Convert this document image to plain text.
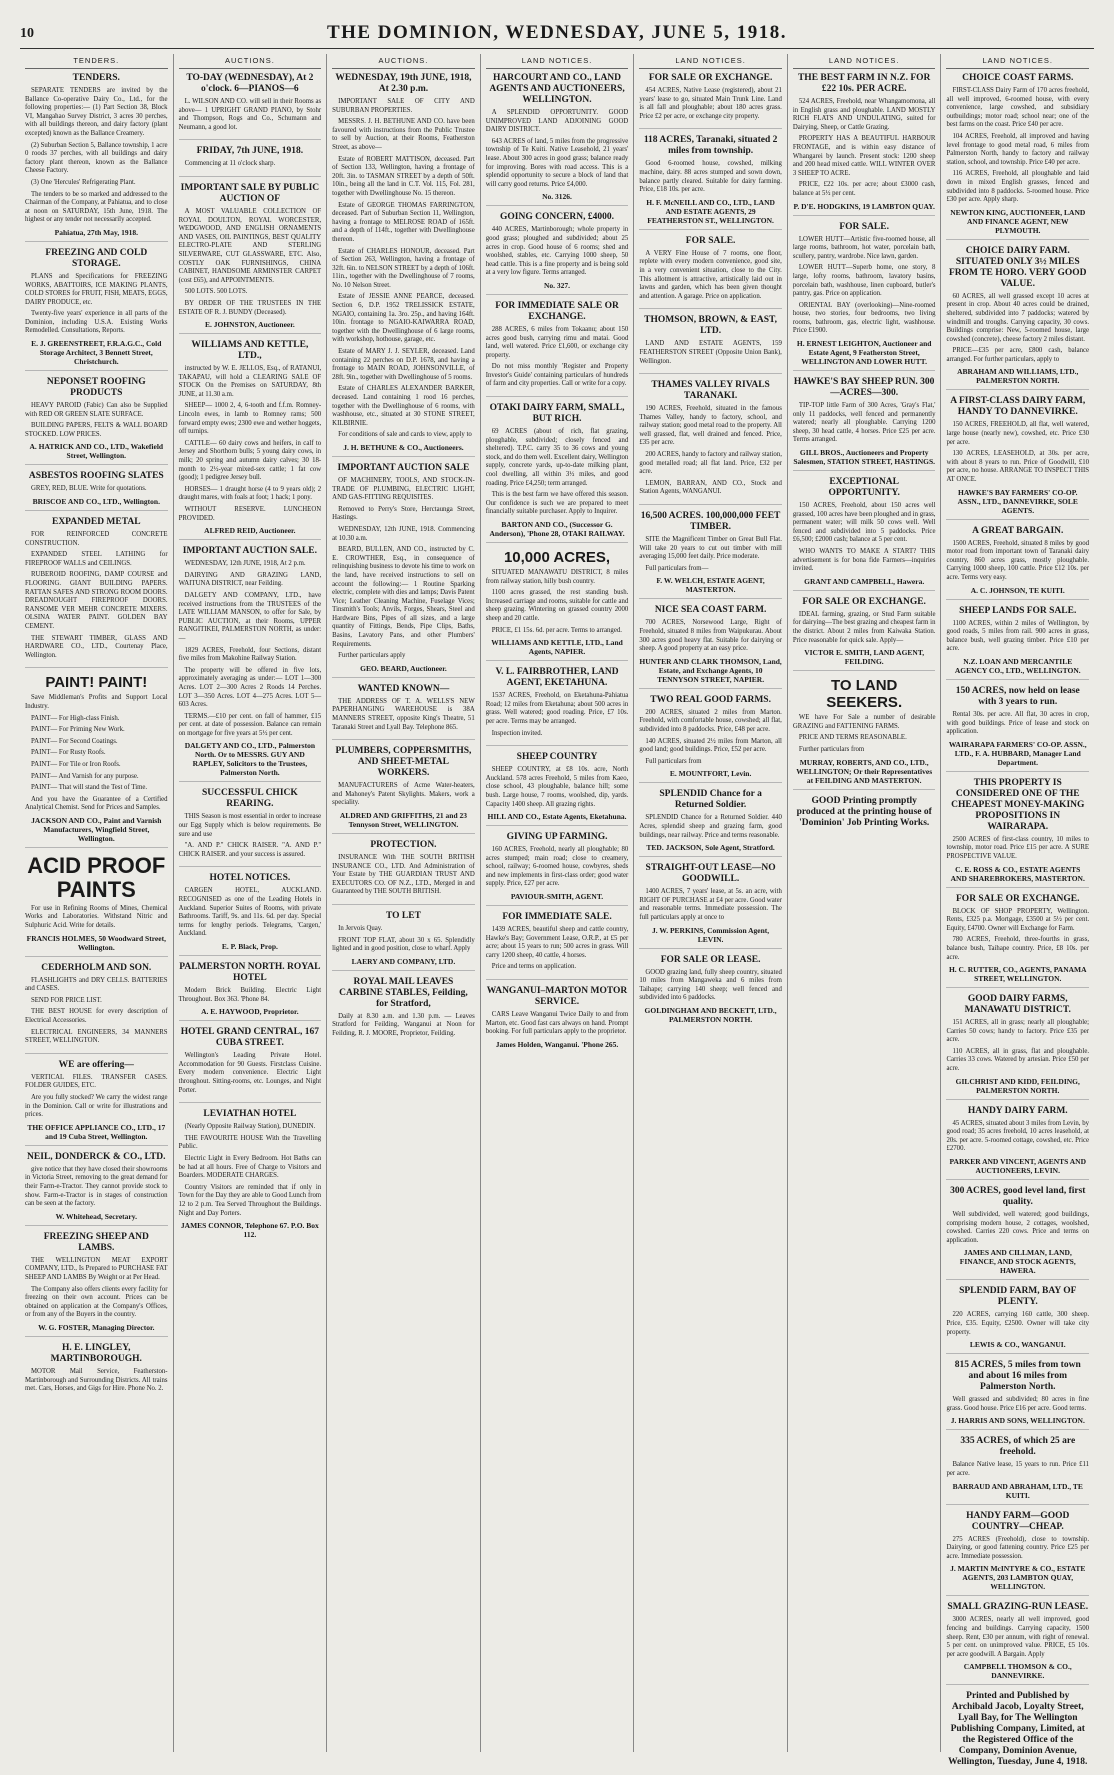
10	THE DOMINION, WEDNESDAY, JUNE 5, 1918.
TENDERS.
TENDERS.

SEPARATE TENDERS are invited by the Ballance Co-operative Dairy Co., Ltd., for the following properties:— (1) Part Section 38, Block VI, Mangahao Survey District, 3 acres 30 perches, with all buildings thereon, and dairy factory (plant excepted) known as the Ballance Creamery.

(2) Suburban Section 5, Ballance township, 1 acre 0 roods 37 perches, with all buildings and dairy factory plant thereon, known as the Ballance Cheese Factory.

(3) One 'Hercules' Refrigerating Plant.

The tenders to be so marked and addressed to the Chairman of the Company, at Pahiatua, and to close at noon on SATURDAY, 15th June, 1918. The highest or any tender not necessarily accepted.

Pahiatua, 27th May, 1918.
FREEZING AND COLD STORAGE.

PLANS and Specifications for FREEZING WORKS, ABATTOIRS, ICE MAKING PLANTS, COLD STORES for FRUIT, FISH, MEATS, EGGS, DAIRY PRODUCE, etc.

Twenty-five years' experience in all parts of the Dominion, including U.S.A. Existing Works Remodelled. Consultations, Reports.

E. J. GREENSTREET, F.R.A.G.C., Cold Storage Architect, 3 Bennett Street, Christchurch.
NEPONSET ROOFING PRODUCTS

HEAVY PAROID (Fabic) Can also be Supplied with RED OR GREEN SLATE SURFACE.

BUILDING PAPERS, FELTS & WALL BOARD STOCKED. LOW PRICES.

A. HATRICK AND CO., LTD., Wakefield Street, Wellington.
ASBESTOS ROOFING SLATES

GREY, RED, BLUE. Write for quotations.

BRISCOE AND CO., LTD., Wellington.
EXPANDED METAL

FOR REINFORCED CONCRETE CONSTRUCTION.

EXPANDED STEEL LATHING for FIREPROOF WALLS and CEILINGS.

RUBEROID ROOFING, DAMP COURSE and FLOORING. GIANT BUILDING PAPERS. RATTAN SAFES AND STRONG ROOM DOORS. DREADNOUGHT FIREPROOF DOORS. RANSOME VER MEHR CONCRETE MIXERS. OLSINA WATER PAINT. GOLDEN BAY CEMENT.

THE STEWART TIMBER, GLASS AND HARDWARE CO., LTD., Courtenay Place, Wellington.

PAINT! PAINT!

Save Middleman's Profits and Support Local Industry.

PAINT— For High-class Finish.

PAINT— For Priming New Work.

PAINT— For Second Coatings.

PAINT— For Rusty Roofs.

PAINT— For Tile or Iron Roofs.

PAINT— And Varnish for any purpose.

PAINT— That will stand the Test of Time.

And you have the Guarantee of a Certified Analytical Chemist. Send for Prices and Samples.

JACKSON AND CO., Paint and Varnish Manufacturers, Wingfield Street, Wellington.
ACID PROOF PAINTS

For use in Refining Rooms of Mines, Chemical Works and Laboratories. Withstand Nitric and Sulphuric Acid. Write for details.

FRANCIS HOLMES, 50 Woodward Street, Wellington.
CEDERHOLM AND SON.

FLASHLIGHTS and DRY CELLS. BATTERIES and CASES.

SEND FOR PRICE LIST.

THE BEST HOUSE for every description of Electrical Accessories.

ELECTRICAL ENGINEERS, 34 MANNERS STREET, WELLINGTON.

WE are offering—

VERTICAL FILES. TRANSFER CASES. FOLDER GUIDES, ETC.

Are you fully stocked? We carry the widest range in the Dominion. Call or write for illustrations and prices.

THE OFFICE APPLIANCE CO., LTD., 17 and 19 Cuba Street, Wellington.
NEIL, DONDERCK & CO., LTD.

give notice that they have closed their showrooms in Victoria Street, removing to the great demand for their Farm-e-Tractor. They cannot provide stock to show. Farm-e-Tractor is in stages of construction can be seen at the factory.

W. Whitehead, Secretary.
FREEZING SHEEP AND LAMBS.

THE WELLINGTON MEAT EXPORT COMPANY, LTD., Is Prepared to PURCHASE FAT SHEEP AND LAMBS By Weight or at Per Head.

The Company also offers clients every facility for freezing on their own account. Prices can be obtained on application at the Company's Offices, or from any of the Buyers in the country.

W. G. FOSTER, Managing Director.
H. E. LINGLEY, MARTINBOROUGH.

MOTOR Mail Service, Featherston-Martinborough and Surrounding Districts. All trains met. Cars, Horses, and Gigs for Hire. Phone No. 2.

AUCTIONS.
TO-DAY (WEDNESDAY), At 2 o'clock. 6—PIANOS—6

L. WILSON AND CO. will sell in their Rooms as above— 1 UPRIGHT GRAND PIANO, by Stohr and Thompson, Rogs and Co., Schumann and Neumann, a good lot.

FRIDAY, 7th JUNE, 1918.

Commencing at 11 o'clock sharp.

IMPORTANT SALE BY PUBLIC AUCTION OF

A MOST VALUABLE COLLECTION OF ROYAL DOULTON, ROYAL WORCESTER, WEDGWOOD, AND ENGLISH ORNAMENTS AND VASES, OIL PAINTINGS, BEST QUALITY ELECTRO-PLATE AND STERLING SILVERWARE, CUT GLASSWARE, ETC. Also, COSTLY OAK FURNISHINGS, CHINA CABINET, HANDSOME ARMINSTER CARPET (cost £65), and APPOINTMENTS.

500 LOTS. 500 LOTS.

BY ORDER OF THE TRUSTEES IN THE ESTATE OF R. J. BUNDY (Deceased).

E. JOHNSTON, Auctioneer.
WILLIAMS AND KETTLE, LTD.,

instructed by W. E. JELLOS, Esq., of RATANUI, TAKAPAU, will hold a CLEARING SALE OF STOCK On the Premises on SATURDAY, 8th JUNE, at 11.30 a.m.

SHEEP— 1000 2, 4, 6-tooth and f.f.m. Romney-Lincoln ewes, in lamb to Romney rams; 500 forward empty ewes; 2300 ewe and wether hoggets, off turnips.

CATTLE— 60 dairy cows and heifers, in calf to Jersey and Shorthorn bulls; 5 young dairy cows, in milk; 20 spring and autumn dairy calves; 30 18-month to 2½-year mixed-sex cattle; 1 fat cow (good); 1 pedigree Jersey bull.

HORSES— 1 draught horse (4 to 9 years old); 2 draught mares, with foals at foot; 1 hack; 1 pony.

WITHOUT RESERVE. LUNCHEON PROVIDED.

ALFRED REID, Auctioneer.
IMPORTANT AUCTION SALE.

WEDNESDAY, 12th JUNE, 1918, At 2 p.m.

DAIRYING AND GRAZING LAND, WAITUNA DISTRICT, near Feilding.

DALGETY AND COMPANY, LTD., have received instructions from the TRUSTEES of the LATE WILLIAM MANSON, to offer for Sale, by PUBLIC AUCTION, at their Rooms, UPPER RANGITIKEI, PALMERSTON NORTH, as under:—

1829 ACRES, Freehold, four Sections, distant five miles from Makohine Railway Station.

The property will be offered in five lots, approximately averaging as under:— LOT 1—300 Acres. LOT 2—300 Acres 2 Roods 14 Perches. LOT 3—350 Acres. LOT 4—275 Acres. LOT 5—603 Acres.

TERMS.—£10 per cent. on fall of hammer, £15 per cent. at date of possession. Balance can remain on mortgage for five years at 5½ per cent.

DALGETY AND CO., LTD., Palmerston North. Or to MESSRS. GUY AND RAPLEY, Solicitors to the Trustees, Palmerston North.
SUCCESSFUL CHICK REARING.

THIS Season is most essential in order to increase our Egg Supply which is below requirements. Be sure and use

"A. AND P." CHICK RAISER. "A. AND P." CHICK RAISER. and your success is assured.

HOTEL NOTICES.

CARGEN HOTEL, AUCKLAND. RECOGNISED as one of the Leading Hotels in Auckland. Superior Suites of Rooms, with private Bathrooms. Tariff, 9s. and 11s. 6d. per day. Special terms for lengthy periods. Telegrams, 'Cargen,' Auckland.

E. P. Black, Prop.
PALMERSTON NORTH. ROYAL HOTEL

Modern Brick Building. Electric Light Throughout. Box 363. 'Phone 84.

A. E. HAYWOOD, Proprietor.
HOTEL GRAND CENTRAL, 167 CUBA STREET.

Wellington's Leading Private Hotel. Accommodation for 90 Guests. Firstclass Cuisine. Every modern convenience. Electric Light throughout. Sitting-rooms, etc. Lounges, and Night Porter.

LEVIATHAN HOTEL

(Nearly Opposite Railway Station), DUNEDIN.

THE FAVOURITE HOUSE With the Travelling Public.

Electric Light in Every Bedroom. Hot Baths can be had at all hours. Free of Charge to Visitors and Boarders. MODERATE CHARGES.

Country Visitors are reminded that if only in Town for the Day they are able to Good Lunch from 12 to 2 p.m. Tea Served Throughout the Buildings. Night and Day Porters.

JAMES CONNOR, Telephone 67. P.O. Box 112.
AUCTIONS.
WEDNESDAY, 19th JUNE, 1918, At 2.30 p.m.

IMPORTANT SALE OF CITY AND SUBURBAN PROPERTIES.

MESSRS. J. H. BETHUNE AND CO. have been favoured with instructions from the Public Trustee to sell by Auction, at their Rooms, Featherston Street, as above—

Estate of ROBERT MATTISON, deceased. Part of Section 133, Wellington, having a frontage of 20ft. 3in. to TASMAN STREET by a depth of 50ft. 10in., being all the land in C.T. Vol. 115, Fol. 281, together with Dwellinghouse No. 15 thereon.

Estate of GEORGE THOMAS FARRINGTON, deceased. Part of Suburban Section 11, Wellington, having a frontage to MELROSE ROAD of 165ft. and a depth of 114ft., together with Dwellinghouse thereon.

Estate of CHARLES HONOUR, deceased. Part of Section 263, Wellington, having a frontage of 32ft. 6in. to NELSON STREET by a depth of 106ft. 11in., together with the Dwellinghouse of 7 rooms, No. 10 Nelson Street.

Estate of JESSIE ANNE PEARCE, deceased. Section 6, D.P. 1952 TRELISSICK ESTATE, NGAIO, containing 1a. 3ro. 25p., and having 164ft. 10in. frontage to NGAIO-KAIWARRA ROAD, together with the Dwellinghouse of 6 large rooms, with workshop, hothouse, garage, etc.

Estate of MARY J. J. SEYLER, deceased. Land containing 22 perches on D.P. 1678, and having a frontage to MAIN ROAD, JOHNSONVILLE, of 28ft. 9in., together with Dwellinghouse of 5 rooms.

Estate of CHARLES ALEXANDER BARKER, deceased. Land containing 1 rood 16 perches, together with the Dwellinghouse of 6 rooms, with washhouse, etc., situated at 30 STONE STREET, KILBIRNIE.

For conditions of sale and cards to view, apply to

J. H. BETHUNE & CO., Auctioneers.
IMPORTANT AUCTION SALE

OF MACHINERY, TOOLS, AND STOCK-IN-TRADE OF PLUMBING, ELECTRIC LIGHT, AND GAS-FITTING REQUISITES.

Removed to Perry's Store, Herctaunga Street, Hastings.

WEDNESDAY, 12th JUNE, 1918. Commencing at 10.30 a.m.

BEARD, BULLEN, AND CO., instructed by C. E. CROWTHER, Esq., in consequence of relinquishing business to devote his time to work on the land, have received instructions to sell on account the following:— 1 Routine Sparking electric, complete with dies and lamps; Davis Patent Vice; Leather Cleaning Machine, Fuselage Vices; Tinsmith's Tools; Anvils, Forges, Shears, Steel and Hardware Bins, Pipes of all sizes, and a large quantity of Fittings, Bends, Pipe Clips, Baths, Basins, Lavatory Pans, and other Plumbers' Requirements.

Further particulars apply

GEO. BEARD, Auctioneer.
WANTED KNOWN—

THE ADDRESS OF T. A. WELLS'S NEW PAPERHANGING WAREHOUSE is 38A MANNERS STREET, opposite King's Theatre, 51 Taranaki Street and Lyall Bay. Telephone 865.

PLUMBERS, COPPERSMITHS, AND SHEET-METAL WORKERS.

MANUFACTURERS of Acme Water-heaters, and Mahoney's Patent Skylights. Makers, work a speciality.

ALDRED AND GRIFFITHS, 21 and 23 Tennyson Street, WELLINGTON.
PROTECTION.

INSURANCE With THE SOUTH BRITISH INSURANCE CO., LTD. And Administration of Your Estate by THE GUARDIAN TRUST AND EXECUTORS CO. OF N.Z., LTD., Merged in and Guaranteed by THE SOUTH BRITISH.

TO LET

In Jervois Quay.

FRONT TOP FLAT, about 30 x 65. Splendidly lighted and in good position, close to wharf. Apply

LAERY AND COMPANY, LTD.
ROYAL MAIL LEAVES CARBINE STABLES, Feilding, for Stratford,

Daily at 8.30 a.m. and 1.30 p.m. — Leaves Stratford for Feilding, Wanganui at Noon for Feilding, R. J. MOORE, Proprietor, Feilding.

LAND NOTICES.
HARCOURT AND CO., LAND AGENTS AND AUCTIONEERS, WELLINGTON.

A SPLENDID OPPORTUNITY. GOOD UNIMPROVED LAND ADJOINING GOOD DAIRY DISTRICT.

643 ACRES of land, 5 miles from the progressive township of Te Kuiti. Native Leasehold, 21 years' lease. About 300 acres in good grass; balance ready for improving. Bores with road access. This is a splendid opportunity to secure a block of land that will carry good returns. Price £4,000.

No. 3126.
GOING CONCERN, £4000.

440 ACRES, Martinborough; whole property in good grass; ploughed and subdivided; about 25 acres in crop. Good house of 6 rooms; shed and woolshed, stables, etc. Carrying 1000 sheep, 50 head cattle. This is a fine property and is being sold at a very low figure. Terms arranged.

No. 327.
FOR IMMEDIATE SALE OR EXCHANGE.

288 ACRES, 6 miles from Tokaanu; about 150 acres good bush, carrying rimu and matai. Good land, well watered. Price £1,600, or exchange city property.

Do not miss monthly 'Register and Property Investor's Guide' containing particulars of hundreds of farm and city properties. Call or write for a copy.

OTAKI DAIRY FARM, SMALL, BUT RICH.

69 ACRES (about of rich, flat grazing, ploughable, subdivided; closely fenced and sheltered). T.P.C. carry 35 to 36 cows and young stock, and do them well. Excellent dairy, Wellington supply, concrete yards, up-to-date milking plant, cool dwelling, all within 3½ miles, and good roading. Price £4,250; term arranged.

This is the best farm we have offered this season. Our confidence is such we are prepared to meet financially suitable purchaser. Apply to Inquirer.

BARTON AND CO., (Successor G. Anderson), 'Phone 28, OTAKI RAILWAY.
10,000 ACRES,

SITUATED MANAWATU DISTRICT, 8 miles from railway station, hilly bush country.

1100 acres grassed, the rest standing bush. Increased carriage and rooms, suitable for cattle and sheep grazing. Wintering on grassed country 2000 sheep and 20 cattle.

PRICE, £1 15s. 6d. per acre. Terms to arranged.

WILLIAMS AND KETTLE, LTD., Land Agents, NAPIER.
V. L. FAIRBROTHER, LAND AGENT, EKETAHUNA.

1537 ACRES, Freehold, on Eketahuna-Pahiatua Road; 12 miles from Eketahuna; about 500 acres in grass. Well watered; good roading. Price, £7 10s. per acre. Terms may be arranged.

Inspection invited.

SHEEP COUNTRY

SHEEP COUNTRY, at £8 10s. acre, North Auckland. 578 acres Freehold, 5 miles from Kaeo, close school, 43 ploughable, balance hill; some bush. Large house, 7 rooms, woolshed, dip, yards. Capacity 1400 sheep. All grazing rights.

HILL AND CO., Estate Agents, Eketahuna.
GIVING UP FARMING.

160 ACRES, Freehold, nearly all ploughable; 80 acres stumped; main road; close to creamery, school, railway; 6-roomed house, cowbyres, sheds and new implements in first-class order; good water supply. Price, £27 per acre.

PAVIOUR-SMITH, AGENT.
FOR IMMEDIATE SALE.

1439 ACRES, beautiful sheep and cattle country, Hawke's Bay; Government Lease, O.R.P., at £5 per acre; about 15 years to run; 500 acres in grass. Will carry 1200 sheep, 40 cattle, 4 horses.

Price and terms on application.

WANGANUI–MARTON MOTOR SERVICE.

CARS Leave Wanganui Twice Daily to and from Marton, etc. Good fast cars always on hand. Prompt booking. For full particulars apply to the proprietor.

James Holden, Wanganui. 'Phone 265.
LAND NOTICES.
FOR SALE OR EXCHANGE.

454 ACRES, Native Lease (registered), about 21 years' lease to go, situated Main Trunk Line. Land is all fall and ploughable; about 180 acres grass. Price £2 per acre, or exchange city property.

118 ACRES, Taranaki, situated 2 miles from township.

Good 6-roomed house, cowshed, milking machine, dairy. 88 acres stumped and sown down, balance partly cleared. Suitable for dairy farming. Price, £18 10s. per acre.

H. F. McNEILL AND CO., LTD., LAND AND ESTATE AGENTS, 29 FEATHERSTON ST., WELLINGTON.
FOR SALE.

A VERY Fine House of 7 rooms, one floor, replete with every modern convenience, good site, in a very convenient situation, close to the City. This allotment is attractive, artistically laid out in lawns and garden, which has been given thought and attention. A garage. Price on application.

THOMSON, BROWN, & EAST, LTD.

LAND AND ESTATE AGENTS, 159 FEATHERSTON STREET (Opposite Union Bank), Wellington.

THAMES VALLEY RIVALS TARANAKI.

190 ACRES, Freehold, situated in the famous Thames Valley, handy to factory, school, and railway station; good metal road to the property. All well grassed, flat, well drained and fenced. Price, £35 per acre.

200 ACRES, handy to factory and railway station, good metalled road; all flat land. Price, £32 per acre.

LEMON, BARRAN, AND CO., Stock and Station Agents, WANGANUI.

16,500 ACRES. 100,000,000 FEET TIMBER.

SITE the Magnificent Timber on Great Bull Flat. Will take 20 years to cut out timber with mill averaging 15,000 feet daily. Price moderate.

Full particulars from—

F. W. WELCH, ESTATE AGENT, MASTERTON.
NICE SEA COAST FARM.

700 ACRES, Norsewood Large, Right of Freehold, situated 8 miles from Waipukurau. About 300 acres good heavy flat. Suitable for dairying or sheep. A good property at an easy price.

HUNTER AND CLARK THOMSON, Land, Estate, and Exchange Agents, 10 TENNYSON STREET, NAPIER.
TWO REAL GOOD FARMS.

200 ACRES, situated 2 miles from Marton. Freehold, with comfortable house, cowshed; all flat, subdivided into 8 paddocks. Price, £48 per acre.

140 ACRES, situated 2½ miles from Marton, all good land; good buildings. Price, £52 per acre.

Full particulars from

E. MOUNTFORT, Levin.
SPLENDID Chance for a Returned Soldier.

SPLENDID Chance for a Returned Soldier. 440 Acres, splendid sheep and grazing farm, good buildings, near railway. Price and terms reasonable.

TED. JACKSON, Sole Agent, Stratford.
STRAIGHT-OUT LEASE—NO GOODWILL.

1400 ACRES, 7 years' lease, at 5s. an acre, with RIGHT OF PURCHASE at £4 per acre. Good water and reasonable terms. Immediate possession. The full particulars apply at once to

J. W. PERKINS, Commission Agent, LEVIN.
FOR SALE OR LEASE.

GOOD grazing land, fully sheep country, situated 10 miles from Mangaweka and 6 miles from Taihape; carrying 140 sheep; well fenced and subdivided into 6 paddocks.

GOLDINGHAM AND BECKETT, LTD., PALMERSTON NORTH.
LAND NOTICES.
THE BEST FARM IN N.Z. FOR £22 10s. PER ACRE.

524 ACRES, Freehold, near Whangamomona, all in English grass and ploughable. LAND MOSTLY RICH FLATS AND UNDULATING, suited for Dairying, Sheep, or Cattle Grazing.

PROPERTY HAS A BEAUTIFUL HARBOUR FRONTAGE, and is within easy distance of Whangarei by launch. Present stock: 1200 sheep and 200 head mixed cattle. WILL WINTER OVER 3 SHEEP TO ACRE.

PRICE, £22 10s. per acre; about £3000 cash, balance at 5½ per cent.

P. D'E. HODGKINS, 19 LAMBTON QUAY.
FOR SALE.

LOWER HUTT—Artistic five-roomed house, all large rooms, bathroom, hot water, porcelain bath, scullery, pantry, wardrobe. Nice lawn, garden.

LOWER HUTT—Superb home, one story, 8 large, lofty rooms, bathroom, lavatory basins, porcelain bath, washhouse, linen cupboard, butler's pantry, gas. Price on application.

ORIENTAL BAY (overlooking)—Nine-roomed house, two stories, four bedrooms, two living rooms, bathroom, gas, electric light, washhouse. Price £1900.

H. ERNEST LEIGHTON, Auctioneer and Estate Agent, 9 Featherston Street, WELLINGTON AND LOWER HUTT.
HAWKE'S BAY SHEEP RUN. 300—ACRES—300.

TIP-TOP little Farm of 300 Acres, 'Gray's Flat,' only 11 paddocks, well fenced and permanently watered; nearly all ploughable. Carrying 1200 sheep, 30 head cattle, 4 horses. Price £25 per acre. Terms arranged.

GILL BROS., Auctioneers and Property Salesmen, STATION STREET, HASTINGS.
EXCEPTIONAL OPPORTUNITY.

150 ACRES, Freehold, about 150 acres well grassed, 100 acres have been ploughed and in grass, permanent water; will milk 50 cows well. Well fenced and subdivided into 5 paddocks. Price £6,500; £2000 cash; balance at 5 per cent.

WHO WANTS TO MAKE A START? THIS advertisement is for bona fide Farmers—inquiries invited.

GRANT AND CAMPBELL, Hawera.
FOR SALE OR EXCHANGE.

IDEAL farming, grazing, or Stud Farm suitable for dairying—The best grazing and cheapest farm in the district. About 2 miles from Kaiwaka Station. Price reasonable for quick sale. Apply—

VICTOR E. SMITH, LAND AGENT, FEILDING.
TO LAND SEEKERS.

WE have For Sale a number of desirable GRAZING and FATTENING FARMS.

PRICE AND TERMS REASONABLE.

Further particulars from

MURRAY, ROBERTS, AND CO., LTD., WELLINGTON; Or their Representatives at FEILDING AND MASTERTON.
GOOD Printing promptly produced at the printing house of 'Dominion' Job Printing Works.
LAND NOTICES.
CHOICE COAST FARMS.

FIRST-CLASS Dairy Farm of 170 acres freehold, all well improved, 6-roomed house, with every convenience, large cowshed, and subsidiary outbuildings; motor road; school near; one of the best farms on the coast. Price £40 per acre.

104 ACRES, Freehold, all improved and having level frontage to good metal road, 6 miles from Palmerston North, handy to factory and railway station, school, and township. Price £40 per acre.

116 ACRES, Freehold, all ploughable and laid down in mixed English grasses, fenced and subdivided into 8 paddocks. 5-roomed house. Price £30 per acre. Apply sharp.

NEWTON KING, AUCTIONEER, LAND AND FINANCE AGENT, NEW PLYMOUTH.
CHOICE DAIRY FARM. SITUATED ONLY 3½ MILES FROM TE HORO. VERY GOOD VALUE.

60 ACRES, all well grassed except 10 acres at present in crop. About 40 acres could be drained, sheltered, subdivided into 7 paddocks; watered by windmill and troughs. Carrying capacity, 30 cows. Buildings comprise: New, 5-roomed house, large cowshed (concrete), cheese factory 2 miles distant.

PRICE—£35 per acre, £800 cash, balance arranged. For further particulars, apply to

ABRAHAM AND WILLIAMS, LTD., PALMERSTON NORTH.
A FIRST-CLASS DAIRY FARM, HANDY TO DANNEVIRKE.

150 ACRES, FREEHOLD, all flat, well watered, large house (nearly new), cowshed, etc. Price £30 per acre.

130 ACRES, LEASEHOLD, at 30s. per acre, with about 8 years to run. Price of Goodwill, £10 per acre, no house. ARRANGE TO INSPECT THIS AT ONCE.

HAWKE'S BAY FARMERS' CO-OP. ASSN., LTD., DANNEVIRKE, SOLE AGENTS.
A GREAT BARGAIN.

1500 ACRES, Freehold, situated 8 miles by good motor road from important town of Taranaki dairy country, 860 acres grass, mostly ploughable. Carrying 1000 sheep, 100 cattle. Price £12 10s. per acre. Terms very easy.

A. C. JOHNSON, TE KUITI.
SHEEP LANDS FOR SALE.

1100 ACRES, within 2 miles of Wellington, by good roads, 5 miles from rail. 900 acres in grass, balance bush, well grazing timber. Price £10 per acre.

N.Z. LOAN AND MERCANTILE AGENCY CO., LTD., WELLINGTON.
150 ACRES, now held on lease with 3 years to run.

Rental 30s. per acre. All flat, 30 acres in crop, with good buildings. Price of lease and stock on application.

WAIRARAPA FARMERS' CO-OP. ASSN., LTD., F. A. HUBBARD, Manager Land Department.
THIS PROPERTY IS CONSIDERED ONE OF THE CHEAPEST MONEY-MAKING PROPOSITIONS IN WAIRARAPA.

2500 ACRES of first-class country, 10 miles to township, motor road. Price £15 per acre. A SURE PROSPECTIVE VALUE.

C. E. ROSS & CO., ESTATE AGENTS AND SHAREBROKERS, MASTERTON.
FOR SALE OR EXCHANGE.

BLOCK OF SHOP PROPERTY, Wellington. Rents, £325 p.a. Mortgage, £3500 at 5½ per cent. Equity, £4700. Owner will Exchange for Farm.

780 ACRES, Freehold, three-fourths in grass, balance bush, Taihape country. Price, £8 10s. per acre.

H. C. RUTTER, CO., AGENTS, PANAMA STREET, WELLINGTON.
GOOD DAIRY FARMS, MANAWATU DISTRICT.

151 ACRES, all in grass; nearly all ploughable; Carries 50 cows; handy to factory. Price £35 per acre.

110 ACRES, all in grass, flat and ploughable. Carries 33 cows. Watered by artesian. Price £50 per acre.

GILCHRIST AND KIDD, FEILDING, PALMERSTON NORTH.
HANDY DAIRY FARM.

45 ACRES, situated about 3 miles from Levin, by good road; 35 acres freehold, 10 acres leasehold, at 20s. per acre. 5-roomed cottage, cowshed, etc. Price £2700.

PARKER AND VINCENT, AGENTS AND AUCTIONEERS, LEVIN.
300 ACRES, good level land, first quality.

Well subdivided, well watered; good buildings, comprising modern house, 2 cottages, woolshed, cowshed. Carries 220 cows. Price and terms on application.

JAMES AND CILLMAN, LAND, FINANCE, AND STOCK AGENTS, HAWERA.
SPLENDID FARM, BAY OF PLENTY.

220 ACRES, carrying 160 cattle, 300 sheep. Price, £35. Equity, £2500. Owner will take city property.

LEWIS & CO., WANGANUI.
815 ACRES, 5 miles from town and about 16 miles from Palmerston North.

Well grassed and subdivided; 80 acres in fine grass. Good house. Price £16 per acre. Good terms.

J. HARRIS AND SONS, WELLINGTON.
335 ACRES, of which 25 are freehold.

Balance Native lease, 15 years to run. Price £11 per acre.

BARRAUD AND ABRAHAM, LTD., TE KUITI.
HANDY FARM—GOOD COUNTRY—CHEAP.

275 ACRES (Freehold), close to township. Dairying, or good fattening country. Price £25 per acre. Immediate possession.

J. MARTIN McINTYRE & CO., ESTATE AGENTS, 203 LAMBTON QUAY, WELLINGTON.
SMALL GRAZING-RUN LEASE.

3000 ACRES, nearly all well improved, good fencing and buildings. Carrying capacity, 1500 sheep. Rent, £30 per annum, with right of renewal. 5 per cent. on unimproved value. PRICE, £5 10s. per acre goodwill. A Bargain. Apply

CAMPBELL THOMSON & CO., DANNEVIRKE.
Printed and Published by Archibald Jacob, Loyalty Street, Lyall Bay, for The Wellington Publishing Company, Limited, at the Registered Office of the Company, Dominion Avenue, Wellington, Tuesday, June 4, 1918.
